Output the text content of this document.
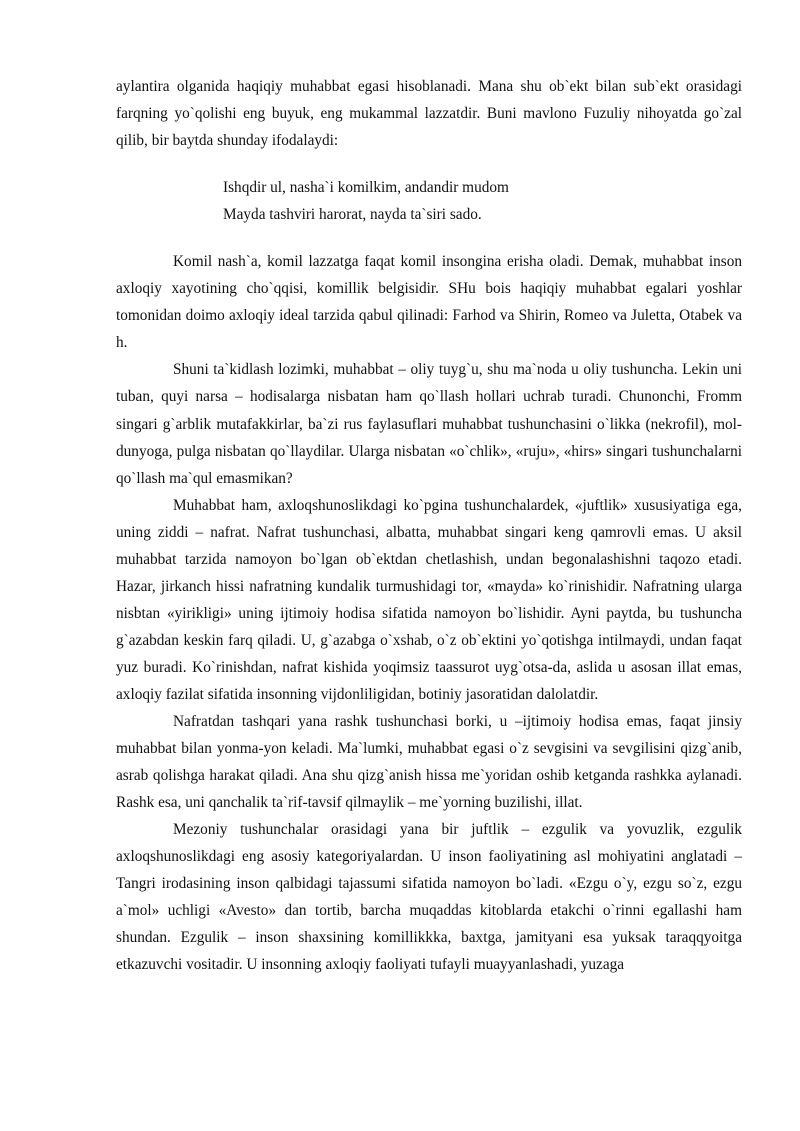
aylantira olganida haqiqiy muhabbat egasi hisoblanadi. Mana shu ob`ekt bilan sub`ekt orasidagi farqning yo`qolishi eng buyuk, eng mukammal lazzatdir. Buni mavlono Fuzuliy nihoyatda go`zal qilib, bir baytda shunday ifodalaydi:

Ishqdir ul, nasha`i komilkim, andandir mudom
Mayda tashviri harorat, nayda ta`siri sado.

Komil nash`a, komil lazzatga faqat komil insongina erisha oladi. Demak, muhabbat inson axloqiy xayotining cho`qqisi, komillik belgisidir. SHu bois haqiqiy muhabbat egalari yoshlar tomonidan doimo axloqiy ideal tarzida qabul qilinadi: Farhod va Shirin, Romeo va Juletta, Otabek va h.

Shuni ta`kidlash lozimki, muhabbat – oliy tuyg`u, shu ma`noda u oliy tushuncha. Lekin uni tuban, quyi narsa – hodisalarga nisbatan ham qo`llash hollari uchrab turadi. Chunonchi, Fromm singari g`arblik mutafakkirlar, ba`zi rus faylasuflari muhabbat tushunchasini o`likka (nekrofil), mol-dunyoga, pulga nisbatan qo`llaydilar. Ularga nisbatan «o`chlik», «ruju», «hirs» singari tushunchalarni qo`llash ma`qul emasmikan?

Muhabbat ham, axloqshunoslikdagi ko`pgina tushunchalardek, «juftlik» xususiyatiga ega, uning ziddi – nafrat. Nafrat tushunchasi, albatta, muhabbat singari keng qamrovli emas. U aksil muhabbat tarzida namoyon bo`lgan ob`ektdan chetlashish, undan begonalashishni taqozo etadi. Hazar, jirkanch hissi nafratning kundalik turmushidagi tor, «mayda» ko`rinishidir. Nafratning ularga nisbtan «yirikligi» uning ijtimoiy hodisa sifatida namoyon bo`lishidir. Ayni paytda, bu tushuncha g`azabdan keskin farq qiladi. U, g`azabga o`xshab, o`z ob`ektini yo`qotishga intilmaydi, undan faqat yuz buradi. Ko`rinishdan, nafrat kishida yoqimsiz taassurot uyg`otsa-da, aslida u asosan illat emas, axloqiy fazilat sifatida insonning vijdonliligidan, botiniy jasoratidan dalolatdir.

Nafratdan tashqari yana rashk tushunchasi borki, u –ijtimoiy hodisa emas, faqat jinsiy muhabbat bilan yonma-yon keladi. Ma`lumki, muhabbat egasi o`z sevgisini va sevgilisini qizg`anib, asrab qolishga harakat qiladi. Ana shu qizg`anish hissa me`yoridan oshib ketganda rashkka aylanadi. Rashk esa, uni qanchalik ta`rif-tavsif qilmaylik – me`yorning buzilishi, illat.

Mezoniy tushunchalar orasidagi yana bir juftlik – ezgulik va yovuzlik, ezgulik axloqshunoslikdagi eng asosiy kategoriyalardan. U inson faoliyatining asl mohiyatini anglatadi – Tangri irodasining inson qalbidagi tajassumi sifatida namoyon bo`ladi. «Ezgu o`y, ezgu so`z, ezgu a`mol» uchligi «Avesto» dan tortib, barcha muqaddas kitoblarda etakchi o`rinni egallashi ham shundan. Ezgulik – inson shaxsining komillikkka, baxtga, jamityani esa yuksak taraqqyoitga etkazuvchi vositadir. U insonning axloqiy faoliyati tufayli muayyanlashadi, yuzaga
